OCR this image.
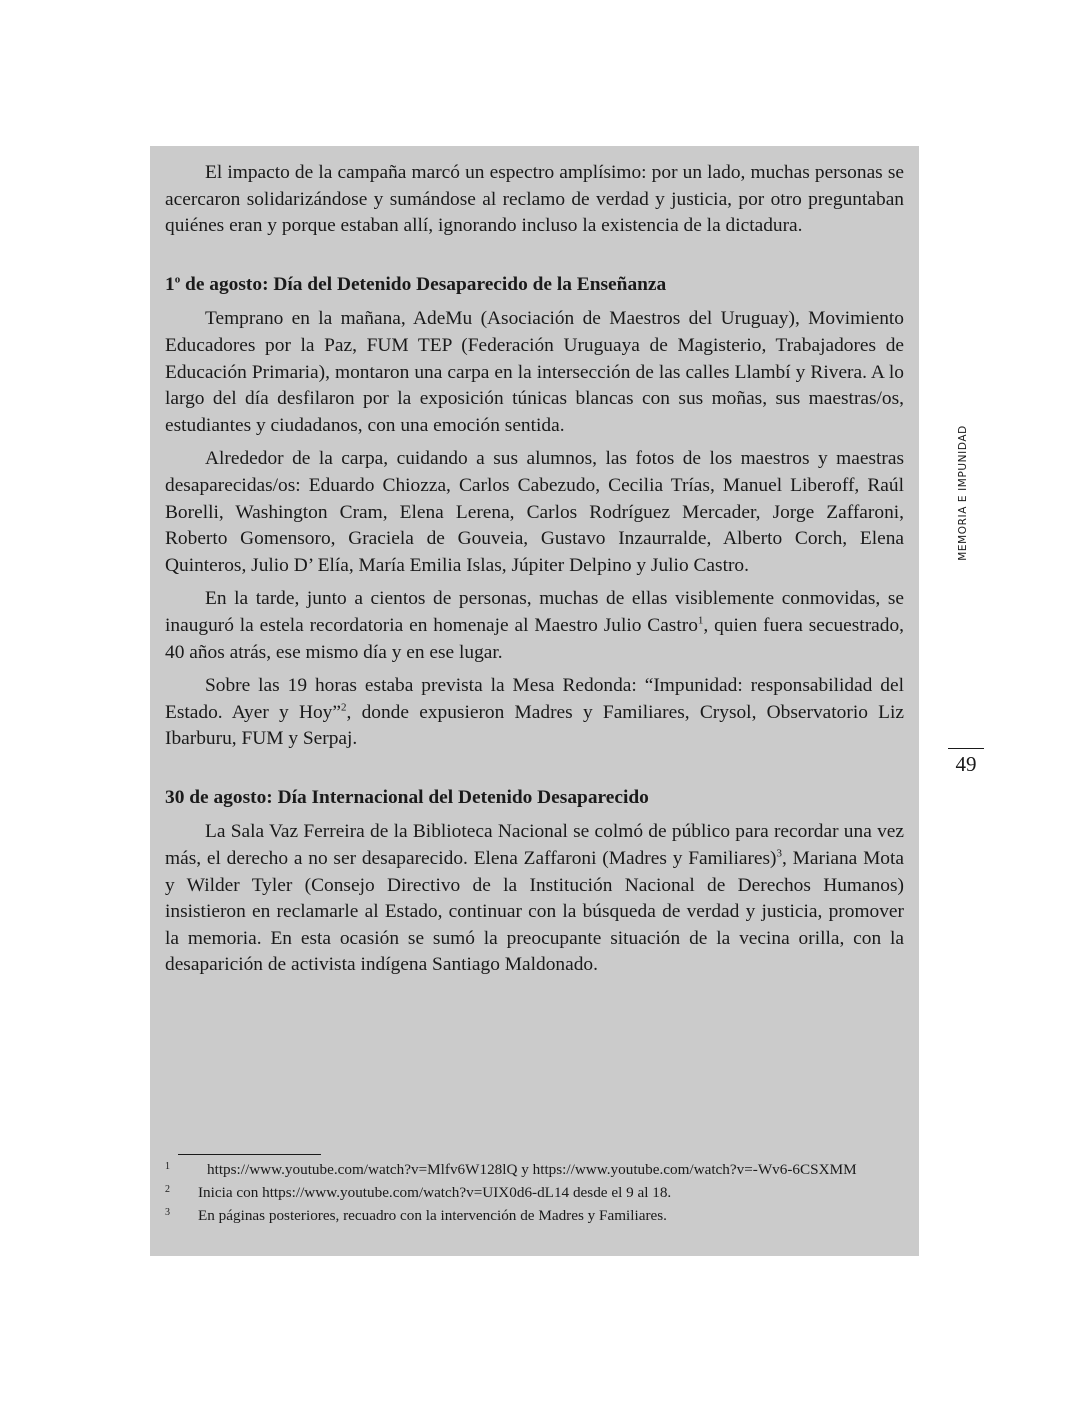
El impacto de la campaña marcó un espectro amplísimo: por un lado, muchas personas se acercaron solidarizándose y sumándose al reclamo de verdad y justicia, por otro preguntaban quiénes eran y porque estaban allí, ignorando incluso la existencia de la dictadura.

1$^o$ de agosto: Día del Detenido Desaparecido de la Enseñanza

Temprano en la mañana, AdeMu (Asociación de Maestros del Uruguay), Movimiento Educadores por la Paz, FUM TEP (Federación Uruguaya de Magisterio, Trabajadores de Educación Primaria), montaron una carpa en la intersección de las calles Llambí y Rivera. A lo largo del día desfilaron por la exposición túnicas blancas con sus moñas, sus maestras/os, estudiantes y ciudadanos, con una emoción sentida.

Alrededor de la carpa, cuidando a sus alumnos, las fotos de los maestros y maestras desaparecidas/os: Eduardo Chiozza, Carlos Cabezudo, Cecilia Trías, Manuel Liberoff, Raúl Borelli, Washington Cram, Elena Lerena, Carlos Rodríguez Mercader, Jorge Zaffaroni, Roberto Gomensoro, Graciela de Gouveia, Gustavo Inzaurralde, Alberto Corch, Elena Quinteros, Julio D’ Elía, María Emilia Islas, Júpiter Delpino y Julio Castro.

En la tarde, junto a cientos de personas, muchas de ellas visiblemente conmovidas, se inauguró la estela recordatoria en homenaje al Maestro Julio Castro$^1$, quien fuera secuestrado, 40 años atrás, ese mismo día y en ese lugar.

Sobre las 19 horas estaba prevista la Mesa Redonda: “Impunidad: responsabilidad del Estado. Ayer y Hoy”$^2$, donde expusieron Madres y Familiares, Crysol, Observatorio Liz Ibarburu, FUM y Serpaj.

30 de agosto: Día Internacional del Detenido Desaparecido

La Sala Vaz Ferreira de la Biblioteca Nacional se colmó de público para recordar una vez más, el derecho a no ser desaparecido. Elena Zaffaroni (Madres y Familiares)$^3$, Mariana Mota y Wilder Tyler (Consejo Directivo de la Institución Nacional de Derechos Humanos) insistieron en reclamarle al Estado, continuar con la búsqueda de verdad y justicia, promover la memoria. En esta ocasión se sumó la preocupante situación de la vecina orilla, con la desaparición de activista indígena Santiago Maldonado.

1 https://www.youtube.com/watch?v=Mlfv6W128lQ y https://www.youtube.com/watch?v=-Wv6-6CSXMM

2 Inicia con https://www.youtube.com/watch?v=UIX0d6-dL14 desde el 9 al 18.

3 En páginas posteriores, recuadro con la intervención de Madres y Familiares.

MEMORIA E IMPUNIDAD
49
